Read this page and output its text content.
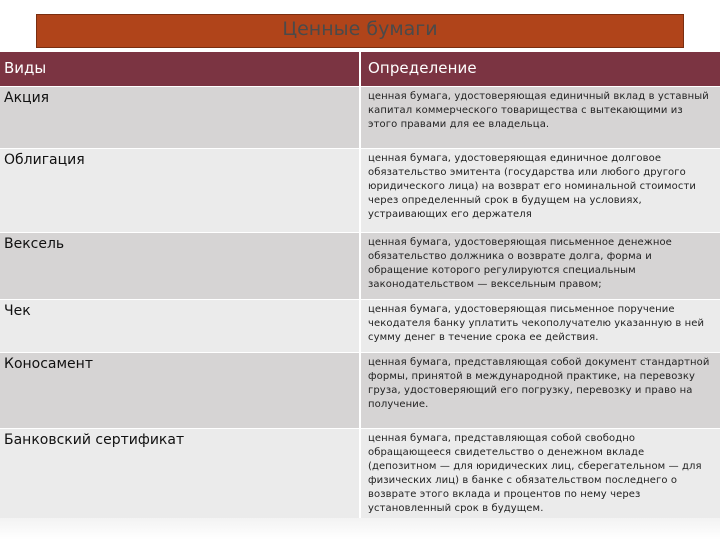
Ценные бумаги
Виды	Определение
Акция	ценная бумага, удостоверяющая единичный вклад в уставный капитал коммерческого товарищества с вытекающими из этого правами для ее владельца.
Облигация	ценная бумага, удостоверяющая единичное долговое обязательство эмитента (государства или любого другого юридического лица) на возврат его номинальной стоимости через определенный срок в будущем на условиях, устраивающих его держателя
Вексель	ценная бумага, удостоверяющая письменное денежное обязательство должника о возврате долга, форма и обращение которого регулируются специальным законодательством — вексельным правом;
Чек	ценная бумага, удостоверяющая письменное поручение чекодателя банку уплатить чекополучателю указанную в ней сумму денег в течение срока ее действия.
Коносамент	ценная бумага, представляющая собой документ стандартной формы, принятой в международной практике, на перевозку груза, удостоверяющий его погрузку, перевозку и право на получение.
Банковский сертификат	ценная бумага, представляющая собой свободно обращающееся свидетельство о денежном вкладе (депозитном — для юридических лиц, сберегательном — для физических лиц) в банке с обязательством последнего о возврате этого вклада и процентов по нему через установленный срок в будущем.
